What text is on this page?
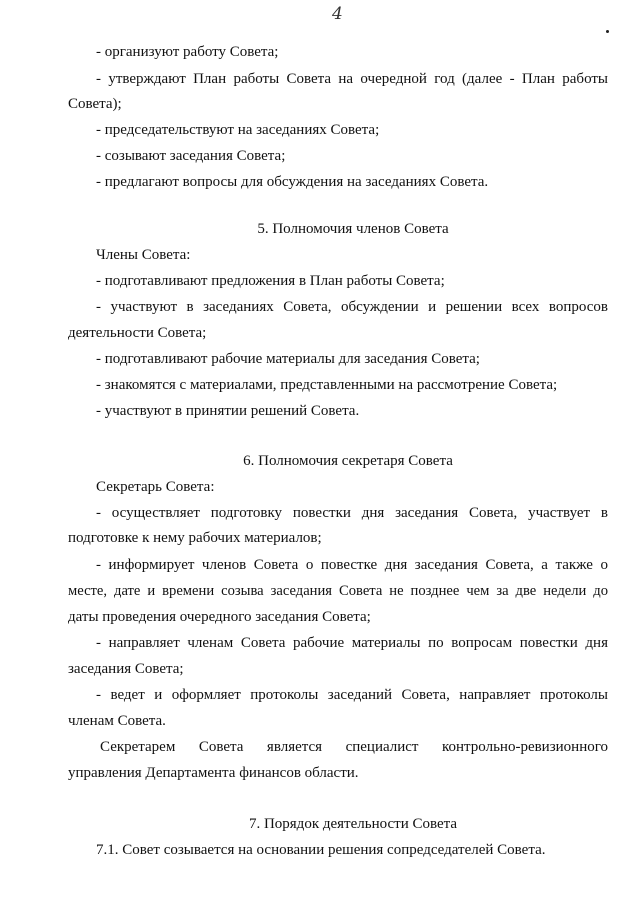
4
- организуют работу Совета;
- утверждают План работы Совета на очередной год (далее - План работы
Совета);
- председательствуют на заседаниях Совета;
- созывают заседания Совета;
- предлагают вопросы для обсуждения на заседаниях Совета.
5. Полномочия членов Совета
Члены Совета:
- подготавливают предложения в План работы Совета;
- участвуют в заседаниях Совета, обсуждении и решении всех вопросов
деятельности Совета;
- подготавливают рабочие материалы для заседания Совета;
- знакомятся с материалами, представленными на рассмотрение Совета;
- участвуют в принятии решений Совета.
6. Полномочия секретаря Совета
Секретарь Совета:
- осуществляет подготовку повестки дня заседания Совета, участвует в
подготовке к нему рабочих материалов;
- информирует членов Совета о повестке дня заседания Совета, а также о
месте, дате и времени созыва заседания Совета не позднее чем за две недели до
даты проведения очередного заседания Совета;
- направляет членам Совета рабочие материалы по вопросам повестки дня
заседания Совета;
- ведет и оформляет протоколы заседаний Совета, направляет протоколы
членам Совета.
Секретарем Совета является специалист контрольно-ревизионного
управления Департамента финансов области.
7. Порядок деятельности Совета
7.1. Совет созывается на основании решения сопредседателей Совета.
